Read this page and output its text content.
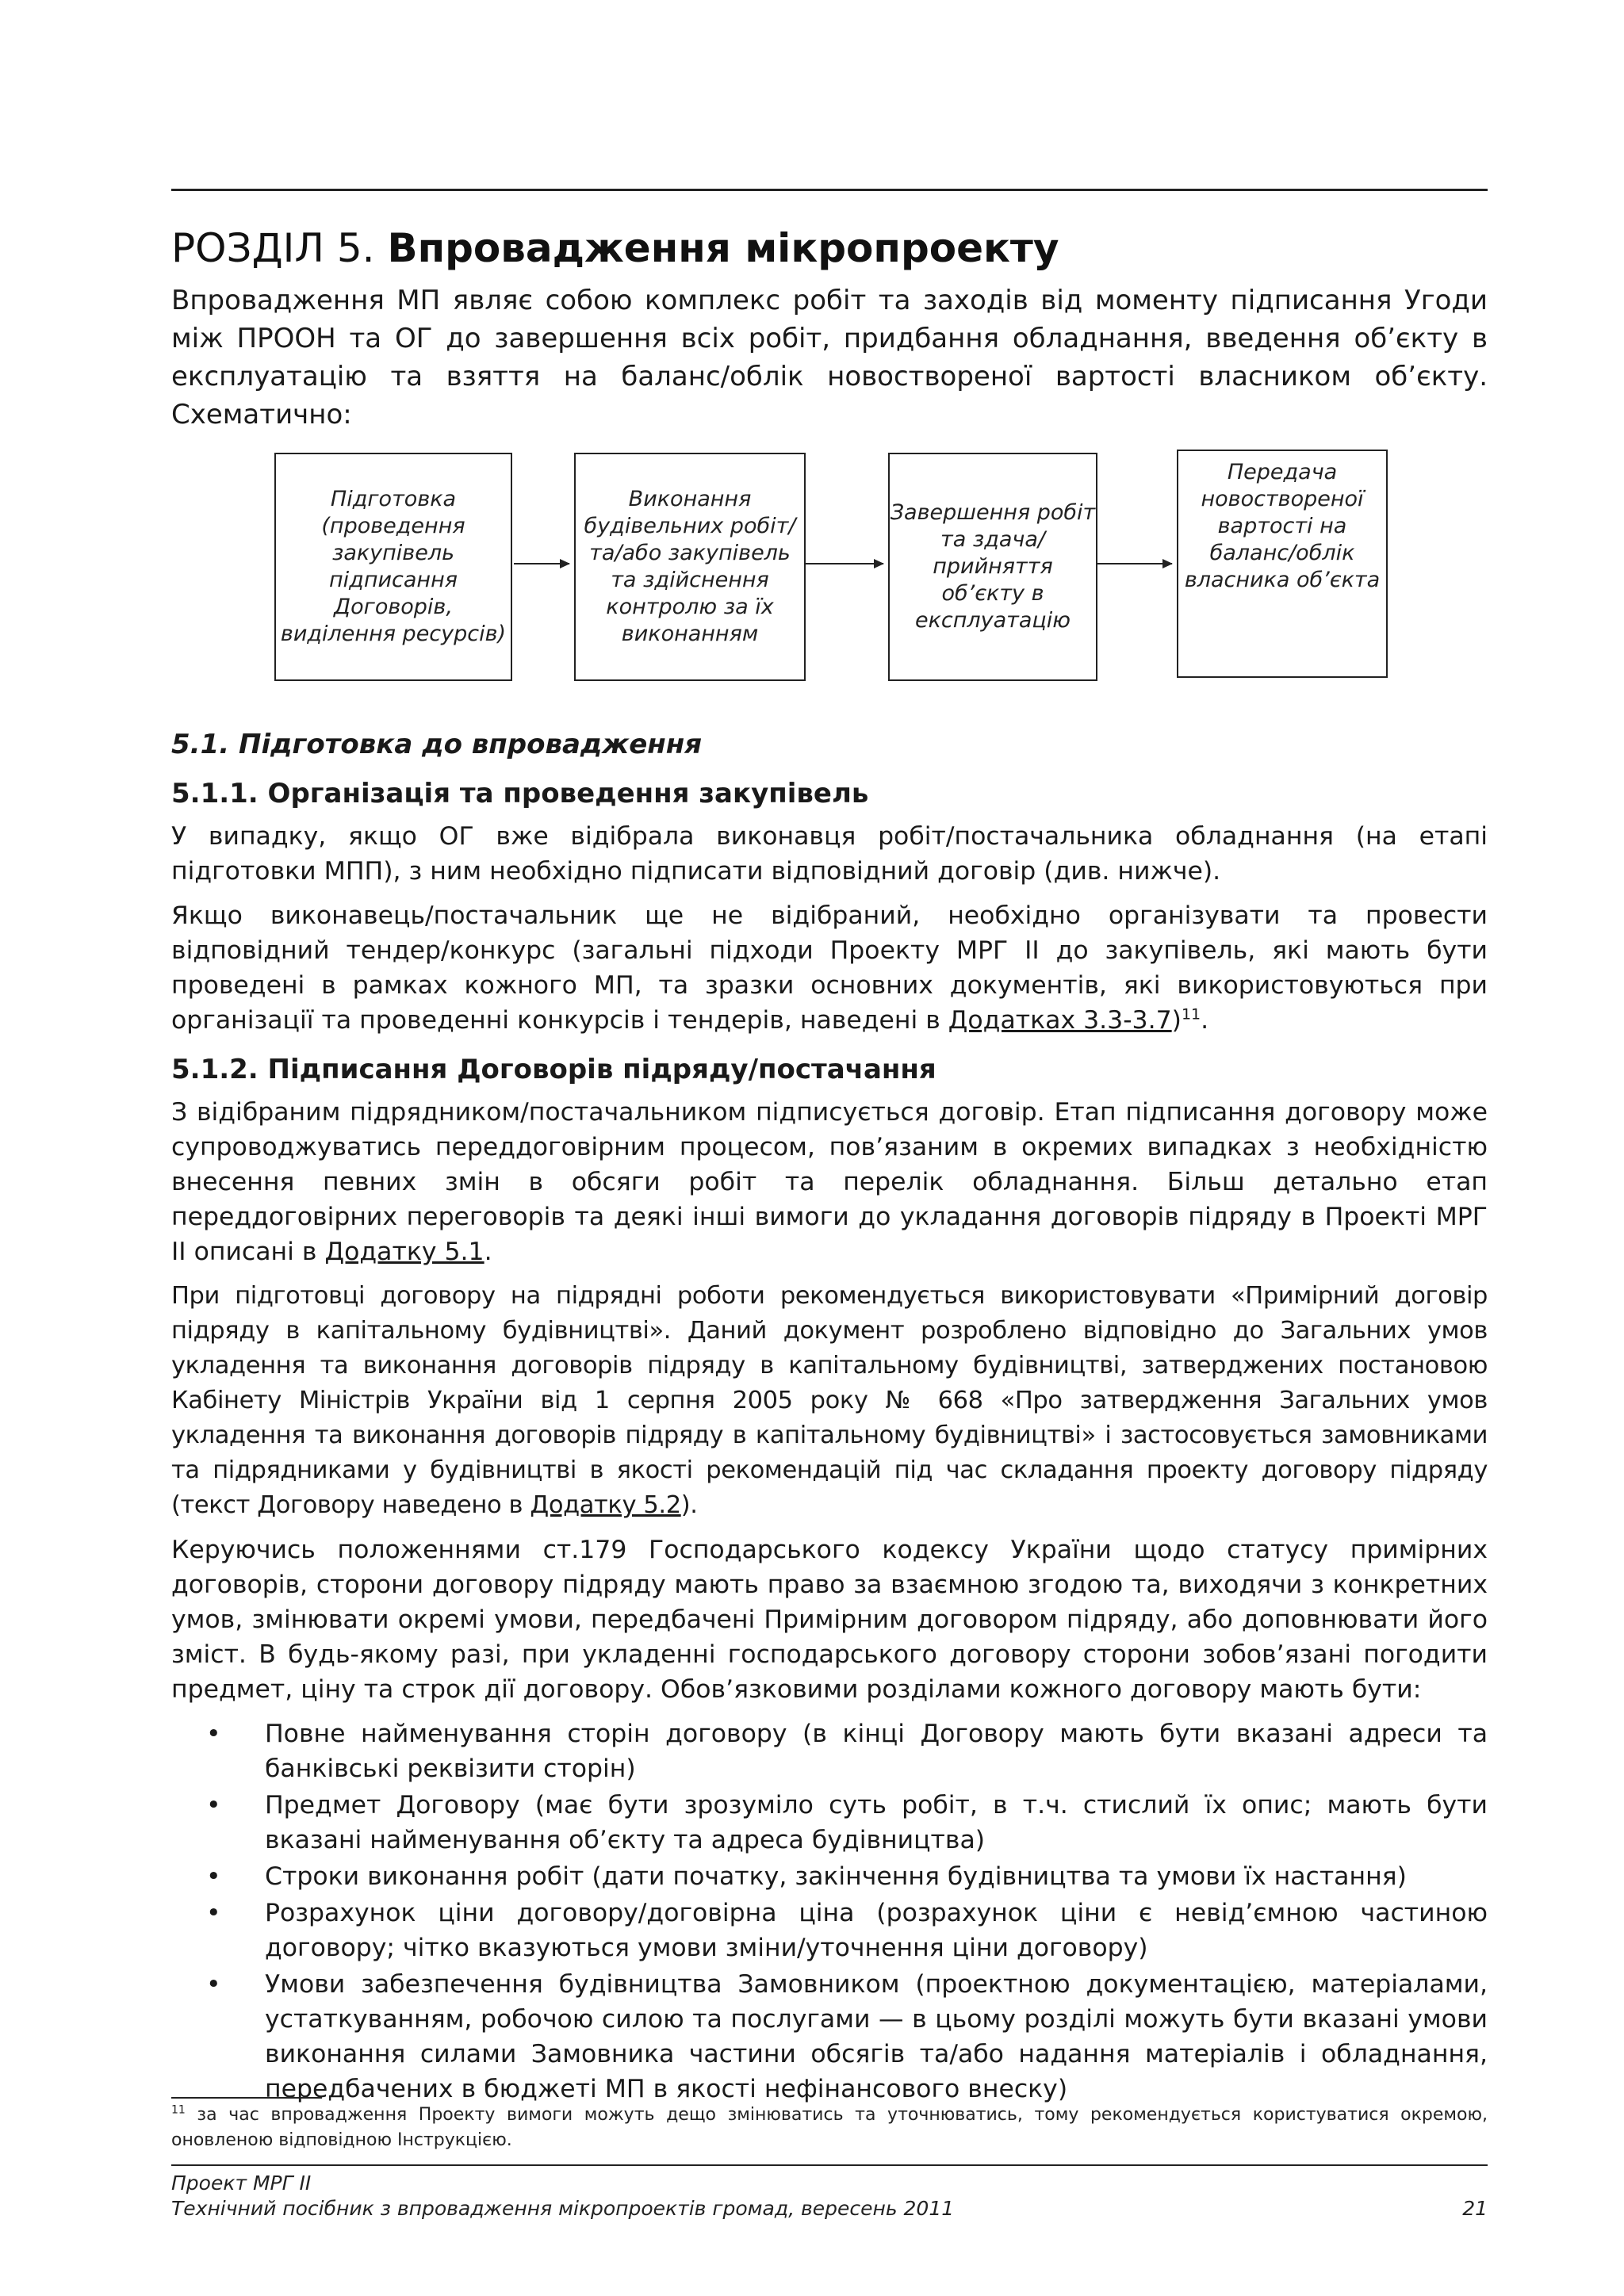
РОЗДІЛ 5. Впровадження мікропроекту

Впровадження МП являє собою комплекс робіт та заходів від моменту підписання Угоди між ПРООН та ОГ до завершення всіх робіт, придбання обладнання, введення об’єкту в експлуатацію та взяття на баланс/облік новоствореної вартості власником об’єкту. Схематично:

Підготовка (проведення закупівель підписання Договорів, виділення ресурсів)
Виконання будівельних робіт/та/або закупівель та здійснення контролю за їх виконанням
Завершення робіт та здача/прийняття об’єкту в експлуатацію
Передача новоствореної вартості на баланс/облік власника об’єкта
5.1. Підготовка до впровадження
5.1.1. Організація та проведення закупівель

У випадку, якщо ОГ вже відібрала виконавця робіт/постачальника обладнання (на етапі підготовки МПП), з ним необхідно підписати відповідний договір (див. нижче).

Якщо виконавець/постачальник ще не відібраний, необхідно організувати та провести відповідний тендер/конкурс (загальні підходи Проекту МРГ ІІ до закупівель, які мають бути проведені в рамках кожного МП, та зразки основних документів, які використовуються при організації та проведенні конкурсів і тендерів, наведені в Додатках 3.3-3.7)$^{11}$.

5.1.2. Підписання Договорів підряду/постачання

З відібраним підрядником/постачальником підписується договір. Етап підписання договору може супроводжуватись переддоговірним процесом, пов’язаним в окремих випадках з необхідністю внесення певних змін в обсяги робіт та перелік обладнання. Більш детально етап переддоговірних переговорів та деякі інші вимоги до укладання договорів підряду в Проекті МРГ ІІ описані в Додатку 5.1.

При підготовці договору на підрядні роботи рекомендується використовувати «Примірний договір підряду в капітальному будівництві». Даний документ розроблено відповідно до Загальних умов укладення та виконання договорів підряду в капітальному будівництві, затверджених постановою Кабінету Міністрів України від 1 серпня 2005 року № 668 «Про затвердження Загальних умов укладення та виконання договорів підряду в капітальному будівництві» і застосовується замовниками та підрядниками у будівництві в якості рекомендацій під час складання проекту договору підряду (текст Договору наведено в Додатку 5.2).

Керуючись положеннями ст.179 Господарського кодексу України щодо статусу примірних договорів, сторони договору підряду мають право за взаємною згодою та, виходячи з конкретних умов, змінювати окремі умови, передбачені Примірним договором підряду, або доповнювати його зміст. В будь-якому разі, при укладенні господарського договору сторони зобов’язані погодити предмет, ціну та строк дії договору. Обов’язковими розділами кожного договору мають бути:

• Повне найменування сторін договору (в кінці Договору мають бути вказані адреси та банківські реквізити сторін)
• Предмет Договору (має бути зрозуміло суть робіт, в т.ч. стислий їх опис; мають бути вказані найменування об’єкту та адреса будівництва)
• Строки виконання робіт (дати початку, закінчення будівництва та умови їх настання)
• Розрахунок ціни договору/договірна ціна (розрахунок ціни є невід’ємною частиною договору; чітко вказуються умови зміни/уточнення ціни договору)
• Умови забезпечення будівництва Замовником (проектною документацією, матеріалами, устаткуванням, робочою силою та послугами — в цьому розділі можуть бути вказані умови виконання силами Замовника частини обсягів та/або надання матеріалів і обладнання, передбачених в бюджеті МП в якості нефінансового внеску)
$^{11}$ за час впровадження Проекту вимоги можуть дещо змінюватись та уточнюватись, тому рекомендується користуватися окремою, оновленою відповідною Інструкцією.
Проект МРГ ІІ
Технічний посібник з впровадження мікропроектів громад, вересень 2011	21
